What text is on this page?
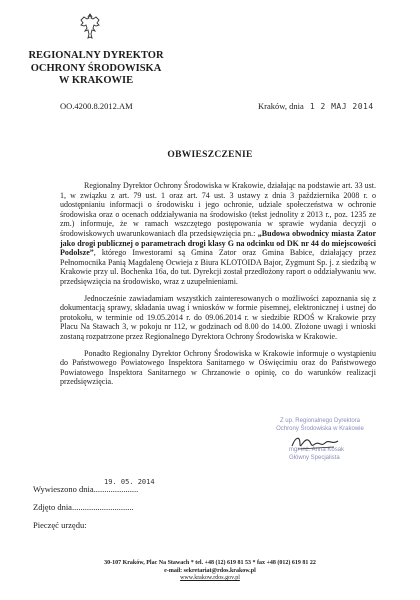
REGIONALNY DYREKTOR
OCHRONY ŚRODOWISKA
W KRAKOWIE
OO.4200.8.2012.AM	Kraków, dnia 1 2 MAJ 2014
OBWIESZCZENIE

Regionalny Dyrektor Ochrony Środowiska w Krakowie, działając na podstawie art. 33 ust. 1, w związku z art. 79 ust. 1 oraz art. 74 ust. 3 ustawy z dnia 3 października 2008 r. o udostępnianiu informacji o środowisku i jego ochronie, udziale społeczeństwa w ochronie środowiska oraz o ocenach oddziaływania na środowisko (tekst jednolity z 2013 r., poz. 1235 ze zm.) informuje, że w ramach wszczętego postępowania w sprawie wydania decyzji o środowiskowych uwarunkowaniach dla przedsięwzięcia pn.: „Budowa obwodnicy miasta Zator jako drogi publicznej o parametrach drogi klasy G na odcinku od DK nr 44 do miejscowości Podolsze”, którego Inwestorami są Gmina Zator oraz Gmina Babice, działający przez Pełnomocnika Panią Magdalenę Ocwieja z Biura KLOTOIDA Bajor, Zygmunt Sp. j. z siedzibą w Krakowie przy ul. Bochenka 16a, do tut. Dyrekcji został przedłożony raport o oddziaływaniu ww. przedsięwzięcia na środowisko, wraz z uzupełnieniami.

Jednocześnie zawiadamiam wszystkich zainteresowanych o możliwości zapoznania się z dokumentacją sprawy, składania uwag i wniosków w formie pisemnej, elektronicznej i ustnej do protokołu, w terminie od 19.05.2014 r. do 09.06.2014 r. w siedzibie RDOŚ w Krakowie przy Placu Na Stawach 3, w pokoju nr 112, w godzinach od 8.00 do 14.00. Złożone uwagi i wnioski zostaną rozpatrzone przez Regionalnego Dyrektora Ochrony Środowiska w Krakowie.

Ponadto Regionalny Dyrektor Ochrony Środowiska w Krakowie informuje o wystąpieniu do Państwowego Powiatowego Inspektora Sanitarnego w Oświęcimiu oraz do Państwowego Powiatowego Inspektora Sanitarnego w Chrzanowie o opinię, co do warunków realizacji przedsięwzięcia.

Z up. Regionalnego Dyrektora
Ochrony Środowiska w Krakowie
mgr inż. Anna Kosak
Główny Specjalista
19. 05. 2014
Wywieszono dnia.....................
Zdjęto dnia.............................
Pieczęć urzędu:
30-107 Kraków, Plac Na Stawach * tel. +48 (12) 619 81 53 * fax +48 (012) 619 81 22
e-mail: sekretariat@rdos.krakow.pl
www.krakow.rdos.gov.pl
